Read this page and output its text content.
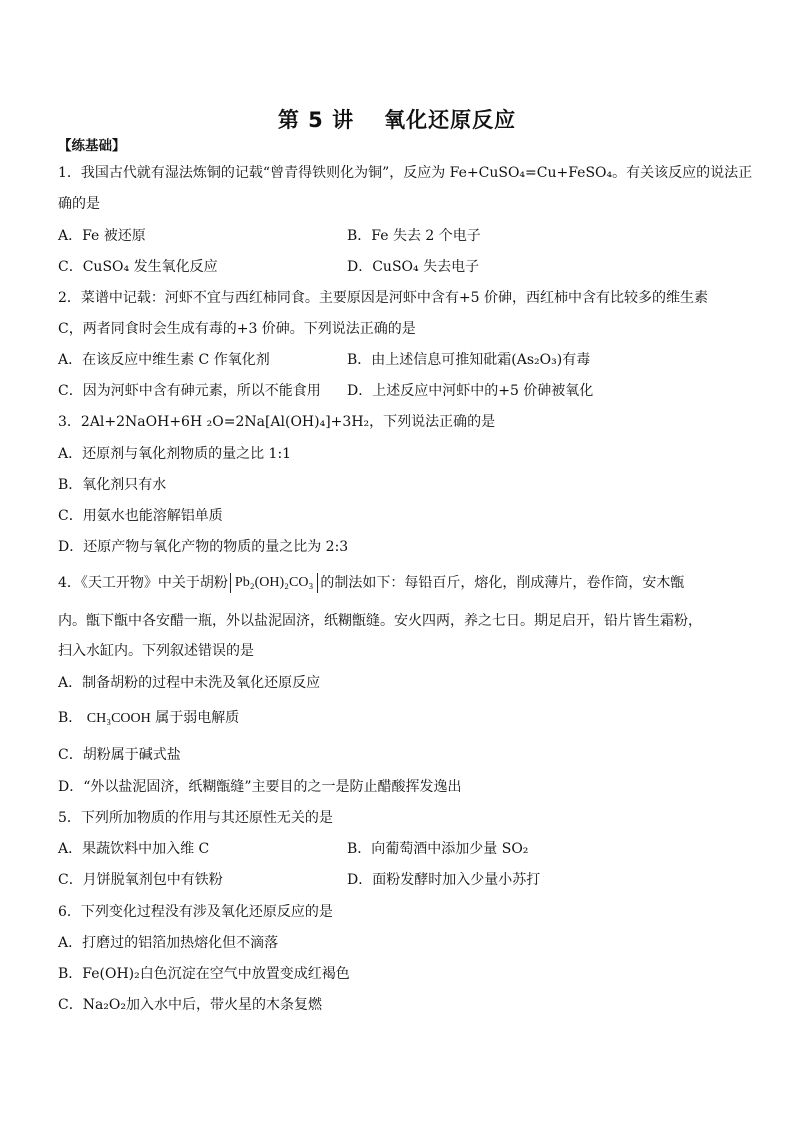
第 5 讲 氧化还原反应
【练基础】
1．我国古代就有湿法炼铜的记载“曾青得铁则化为铜”，反应为 Fe+CuSO₄=Cu+FeSO₄。有关该反应的说法正
确的是
A．Fe 被还原	B．Fe 失去 2 个电子
C．CuSO₄ 发生氧化反应	D．CuSO₄ 失去电子
2．菜谱中记载：河虾不宜与西红柿同食。主要原因是河虾中含有+5 价砷，西红柿中含有比较多的维生素
C，两者同食时会生成有毒的+3 价砷。下列说法正确的是
A．在该反应中维生素 C 作氧化剂	B．由上述信息可推知砒霜(As₂O₃)有毒
C．因为河虾中含有砷元素，所以不能食用 D．上述反应中河虾中的+5 价砷被氧化
3．2Al+2NaOH+6H ₂O=2Na[Al(OH)₄]+3H₂，下列说法正确的是
A．还原剂与氧化剂物质的量之比 1:1
B．氧化剂只有水
C．用氨水也能溶解铝单质
D．还原产物与氧化产物的物质的量之比为 2:3
4．《天工开物》中关于胡粉 Pb₂(OH)₂CO₃ 的制法如下：每铅百斤，熔化，削成薄片，卷作筒，安木甑
内。甑下甑中各安醋一瓶，外以盐泥固济，纸糊甑缝。安火四两，养之七日。期足启开，铅片皆生霜粉，
扫入水缸内。下列叙述错误的是
A．制备胡粉的过程中未洗及氧化还原反应
B． CH₃COOH 属于弱电解质
C．胡粉属于碱式盐
D．“外以盐泥固济，纸糊甑缝”主要目的之一是防止醋酸挥发逸出
5．下列所加物质的作用与其还原性无关的是
A．果蔬饮料中加入维 C	B．向葡萄酒中添加少量 SO₂
C．月饼脱氧剂包中有铁粉	D．面粉发酵时加入少量小苏打
6．下列变化过程没有涉及氧化还原反应的是
A．打磨过的铝箔加热熔化但不滴落
B．Fe(OH)₂白色沉淀在空气中放置变成红褐色
C．Na₂O₂加入水中后，带火星的木条复燃
